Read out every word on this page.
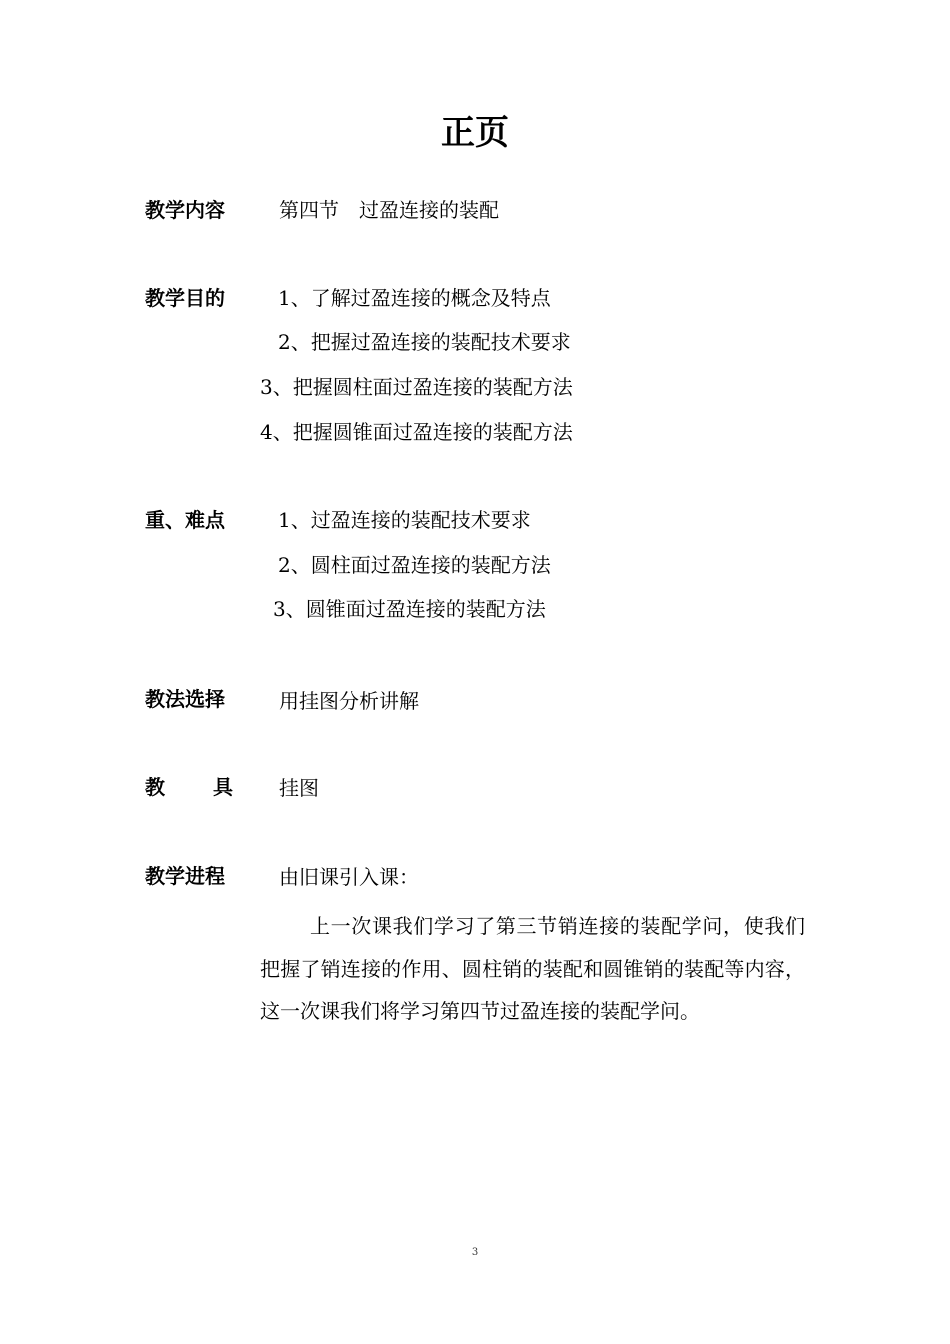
正页
教学内容	第四节　过盈连接的装配
教学目的	1、了解过盈连接的概念及特点
2、把握过盈连接的装配技术要求
3、把握圆柱面过盈连接的装配方法
4、把握圆锥面过盈连接的装配方法
重、难点	1、过盈连接的装配技术要求
2、圆柱面过盈连接的装配方法
3、圆锥面过盈连接的装配方法
教法选择	用挂图分析讲解
教具 挂图
教学进程	由旧课引入课：
上一次课我们学习了第三节销连接的装配学问，使我们把握了销连接的作用、圆柱销的装配和圆锥销的装配等内容，这一次课我们将学习第四节过盈连接的装配学问。
3
